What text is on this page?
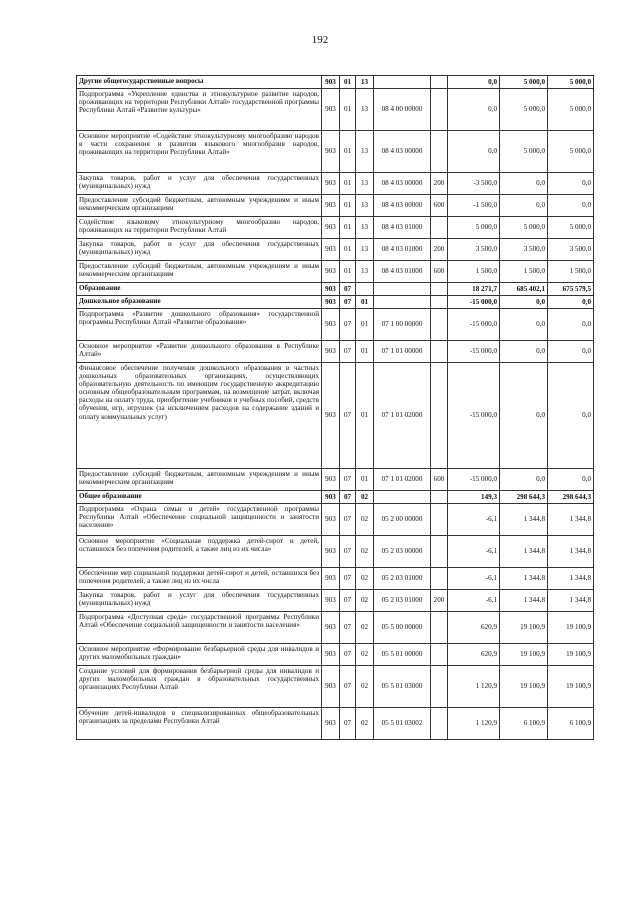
192
Другие общегосударственные вопросы	903	01	13			0,0	5 000,0	5 000,0
Подпрограмма «Укрепление единства и этнокультурное развитие народов, проживающих на территории Республики Алтай» государственной программы Республики Алтай «Развитие культуры»	903	01	13	08 4 00 00000		0,0	5 000,0	5 000,0
Основное мероприятие «Содействие этнокультурному многообразию народов в части сохранения и развития языкового многообразия народов, проживающих на территории Республики Алтай»	903	01	13	08 4 03 00000		0,0	5 000,0	5 000,0
Закупка товаров, работ и услуг для обеспечения государственных (муниципальных) нужд	903	01	13	08 4 03 00000	200	-3 500,0	0,0	0,0
Предоставление субсидий бюджетным, автономным учреждениям и иным некоммерческим организациям	903	01	13	08 4 03 00000	600	-1 500,0	0,0	0,0
Содействие языковому этнокультурному многообразию народов, проживающих на территории Республики Алтай	903	01	13	08 4 03 01000		5 000,0	5 000,0	5 000,0
Закупка товаров, работ и услуг для обеспечения государственных (муниципальных) нужд	903	01	13	08 4 03 01000	200	3 500,0	3 500,0	3 500,0
Предоставление субсидий бюджетным, автономным учреждениям и иным некоммерческим организациям	903	01	13	08 4 03 01000	600	1 500,0	1 500,0	1 500,0
Образование	903	07				18 271,7	685 402,1	675 579,5
Дошкольное образование	903	07	01			-15 000,0	0,0	0,0
Подпрограмма «Развитие дошкольного образования» государственной программы Республики Алтай «Развитие образования»	903	07	01	07 1 00 00000		-15 000,0	0,0	0,0
Основное мероприятие «Развитие дошкольного образования в Республике Алтай»	903	07	01	07 1 01 00000		-15 000,0	0,0	0,0
Финансовое обеспечение получения дошкольного образования в частных дошкольных образовательных организациях, осуществляющих образовательную деятельность по имеющим государственную аккредитацию основным общеобразовательным программам, на возмещение затрат, включая расходы на оплату труда, приобретение учебников и учебных пособий, средств обучения, игр, игрушек (за исключением расходов на содержание зданий и оплату коммунальных услуг)	903	07	01	07 1 01 02000		-15 000,0	0,0	0,0
Предоставление субсидий бюджетным, автономным учреждениям и иным некоммерческим организациям	903	07	01	07 1 01 02000	600	-15 000,0	0,0	0,0
Общее образование	903	07	02			149,3	298 644,3	298 644,3
Подпрограмма «Охрана семьи и детей» государственной программы Республики Алтай «Обеспечение социальной защищенности и занятости населения»	903	07	02	05 2 00 00000		-6,1	1 344,8	1 344,8
Основное мероприятие «Социальная поддержка детей-сирот и детей, оставшихся без попечения родителей, а также лиц из их числа»	903	07	02	05 2 03 00000		-6,1	1 344,8	1 344,8
Обеспечение мер социальной поддержки детей-сирот и детей, оставшихся без попечения родителей, а также лиц из их числа	903	07	02	05 2 03 01000		-6,1	1 344,8	1 344,8
Закупка товаров, работ и услуг для обеспечения государственных (муниципальных) нужд	903	07	02	05 2 03 01000	200	-6,1	1 344,8	1 344,8
Подпрограмма «Доступная среда» государственной программы Республики Алтай «Обеспечение социальной защищенности и занятости населения»	903	07	02	05 5 00 00000		620,9	19 100,9	19 100,9
Основное мероприятие «Формирование безбарьерной среды для инвалидов и других маломобильных граждан»	903	07	02	05 5 01 00000		620,9	19 100,9	19 100,9
Создание условий для формирования безбарьерной среды для инвалидов и других маломобильных граждан в образовательных государственных организациях Республики Алтай	903	07	02	05 5 01 03000		1 120,9	19 100,9	19 100,9
Обучение детей-инвалидов в специализированных общеобразовательных организациях за пределами Республики Алтай	903	07	02	05 5 01 03002		1 120,9	6 100,9	6 100,9
